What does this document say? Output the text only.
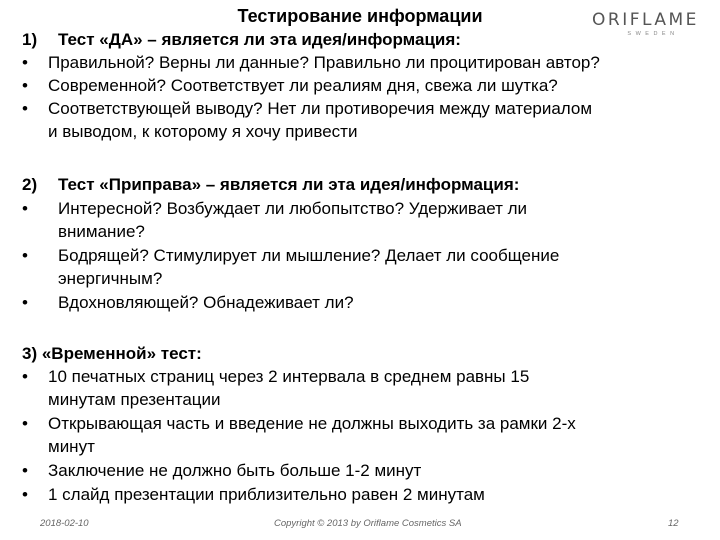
Тестирование информации	ORIFLAME
SWEDEN
1) Тест «ДА» – является ли эта идея/информация:
• Правильной? Верны ли данные? Правильно ли процитирован автор?
• Современной? Соответствует ли реалиям дня, свежа ли шутка?
• Соответствующей выводу? Нет ли противоречия между материалом
и выводом, к которому я хочу привести
2) Тест «Приправа» – является ли эта идея/информация:
• Интересной? Возбуждает ли любопытство? Удерживает ли
внимание?
• Бодрящей? Стимулирует ли мышление? Делает ли сообщение
энергичным?
• Вдохновляющей? Обнадеживает ли?
3) «Временной» тест:
• 10 печатных страниц через 2 интервала в среднем равны 15
минутам презентации
• Открывающая часть и введение не должны выходить за рамки 2-х
минут
• Заключение не должно быть больше 1-2 минут
• 1 слайд презентации приблизительно равен 2 минутам
2018-02-10	Copyright © 2013 by Oriflame Cosmetics SA	12
